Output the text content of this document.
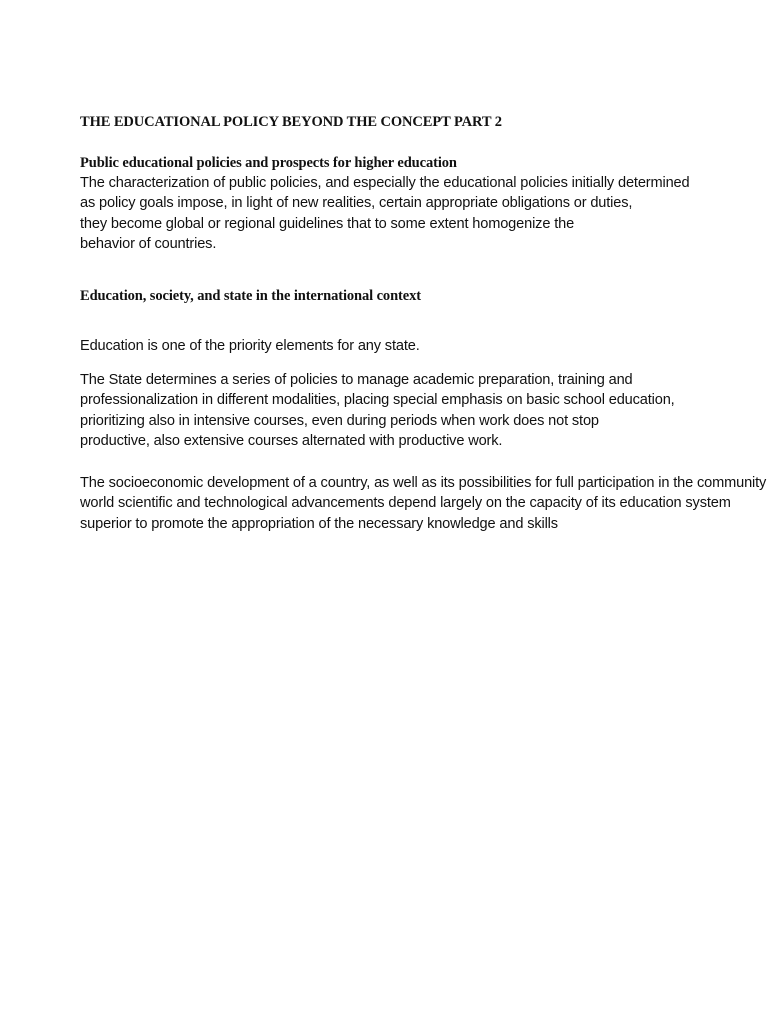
THE EDUCATIONAL POLICY BEYOND THE CONCEPT PART 2
Public educational policies and prospects for higher education
The characterization of public policies, and especially the educational policies initially determined
as policy goals impose, in light of new realities, certain appropriate obligations or duties,
they become global or regional guidelines that to some extent homogenize the
behavior of countries.
Education, society, and state in the international context
Education is one of the priority elements for any state.
The State determines a series of policies to manage academic preparation, training and
professionalization in different modalities, placing special emphasis on basic school education,
prioritizing also in intensive courses, even during periods when work does not stop
productive, also extensive courses alternated with productive work.
The socioeconomic development of a country, as well as its possibilities for full participation in the community
world scientific and technological advancements depend largely on the capacity of its education system
superior to promote the appropriation of the necessary knowledge and skills
